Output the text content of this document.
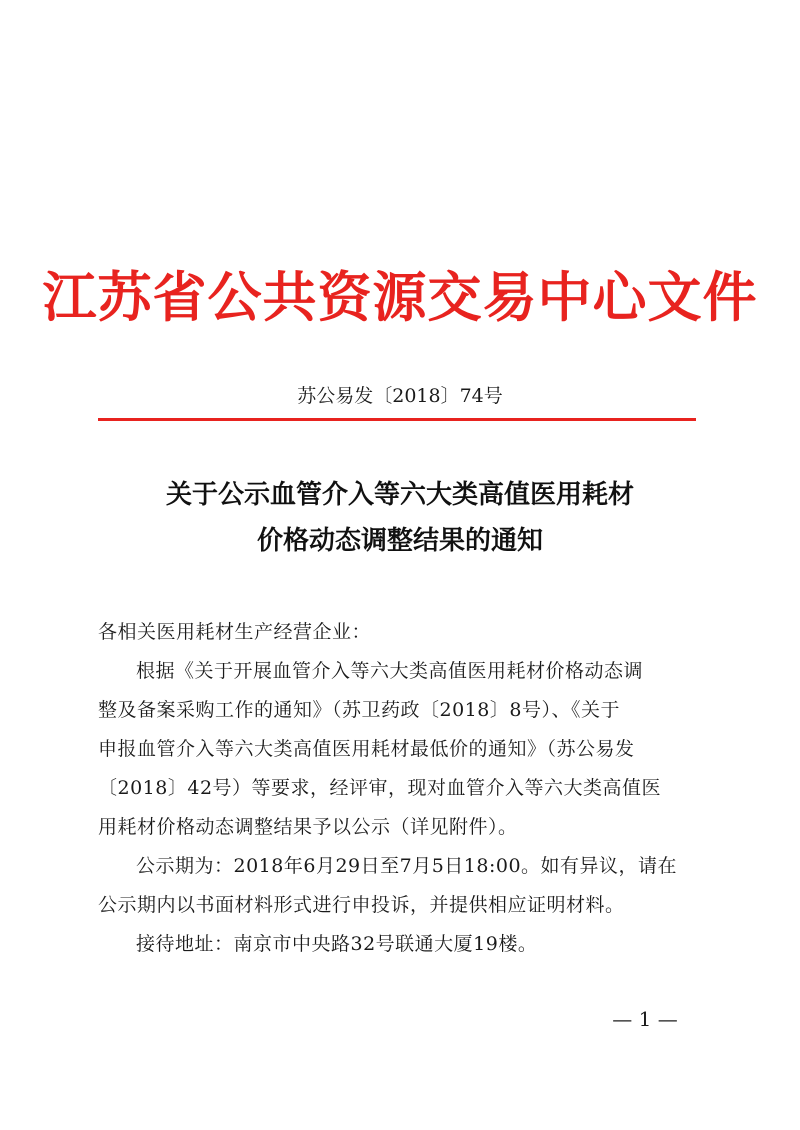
江苏省公共资源交易中心文件
苏公易发〔2018〕74号
关于公示血管介入等六大类高值医用耗材
价格动态调整结果的通知
各相关医用耗材生产经营企业：
根据《关于开展血管介入等六大类高值医用耗材价格动态调
整及备案采购工作的通知》（苏卫药政〔2018〕8号）、《关于
申报血管介入等六大类高值医用耗材最低价的通知》（苏公易发
〔2018〕42号）等要求，经评审，现对血管介入等六大类高值医
用耗材价格动态调整结果予以公示（详见附件）。
公示期为：2018年6月29日至7月5日18:00。如有异议，请在
公示期内以书面材料形式进行申投诉，并提供相应证明材料。
接待地址：南京市中央路32号联通大厦19楼。
— 1 —
